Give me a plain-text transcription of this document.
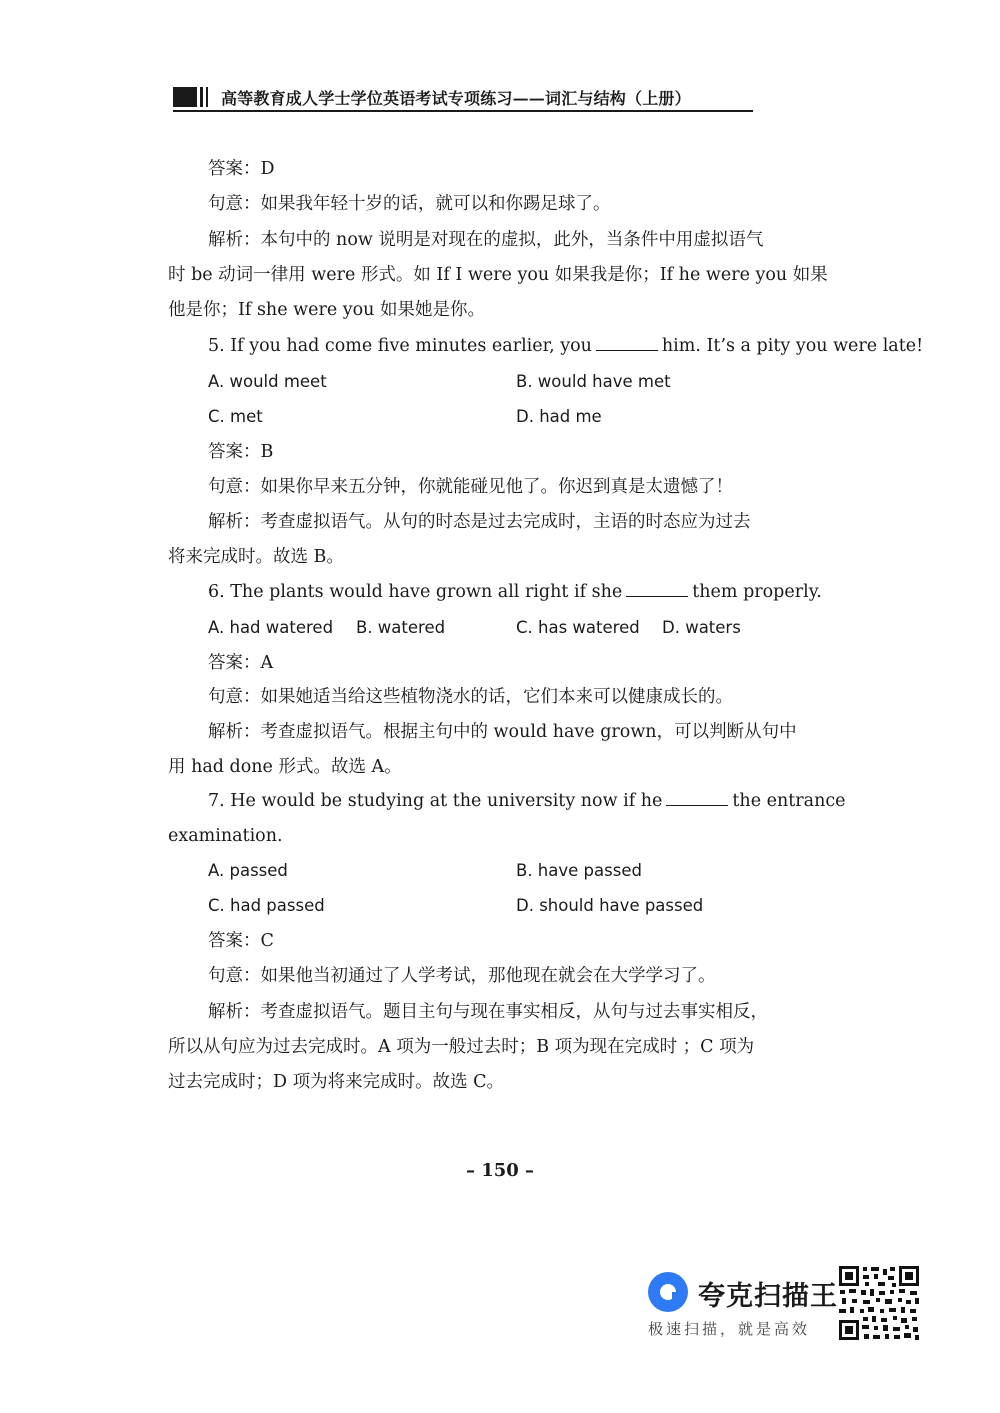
高等教育成人学士学位英语考试专项练习——词汇与结构（上册）
答案：D
句意：如果我年轻十岁的话，就可以和你踢足球了。
解析：本句中的 now 说明是对现在的虚拟，此外，当条件中用虚拟语气
时 be 动词一律用 were 形式。如 If I were you 如果我是你；If he were you 如果
他是你；If she were you 如果她是你。
5. If you had come five minutes earlier, you	him. It’s a pity you were late!
A. would meet	B. would have met
C. met	D. had me
答案：B
句意：如果你早来五分钟，你就能碰见他了。你迟到真是太遗憾了！
解析：考查虚拟语气。从句的时态是过去完成时，主语的时态应为过去
将来完成时。故选 B。
6. The plants would have grown all right if she	them properly.
A. had watered B. watered	C. has watered D. waters
答案：A
句意：如果她适当给这些植物浇水的话，它们本来可以健康成长的。
解析：考查虚拟语气。根据主句中的 would have grown，可以判断从句中
用 had done 形式。故选 A。
7. He would be studying at the university now if he	the entrance
examination.
A. passed	B. have passed
C. had passed	D. should have passed
答案：C
句意：如果他当初通过了人学考试，那他现在就会在大学学习了。
解析：考查虚拟语气。题目主句与现在事实相反，从句与过去事实相反，
所以从句应为过去完成时。A 项为一般过去时；B 项为现在完成时 ；C 项为
过去完成时；D 项为将来完成时。故选 C。
– 150 –
夸克扫描王
极速扫描，就是高效
